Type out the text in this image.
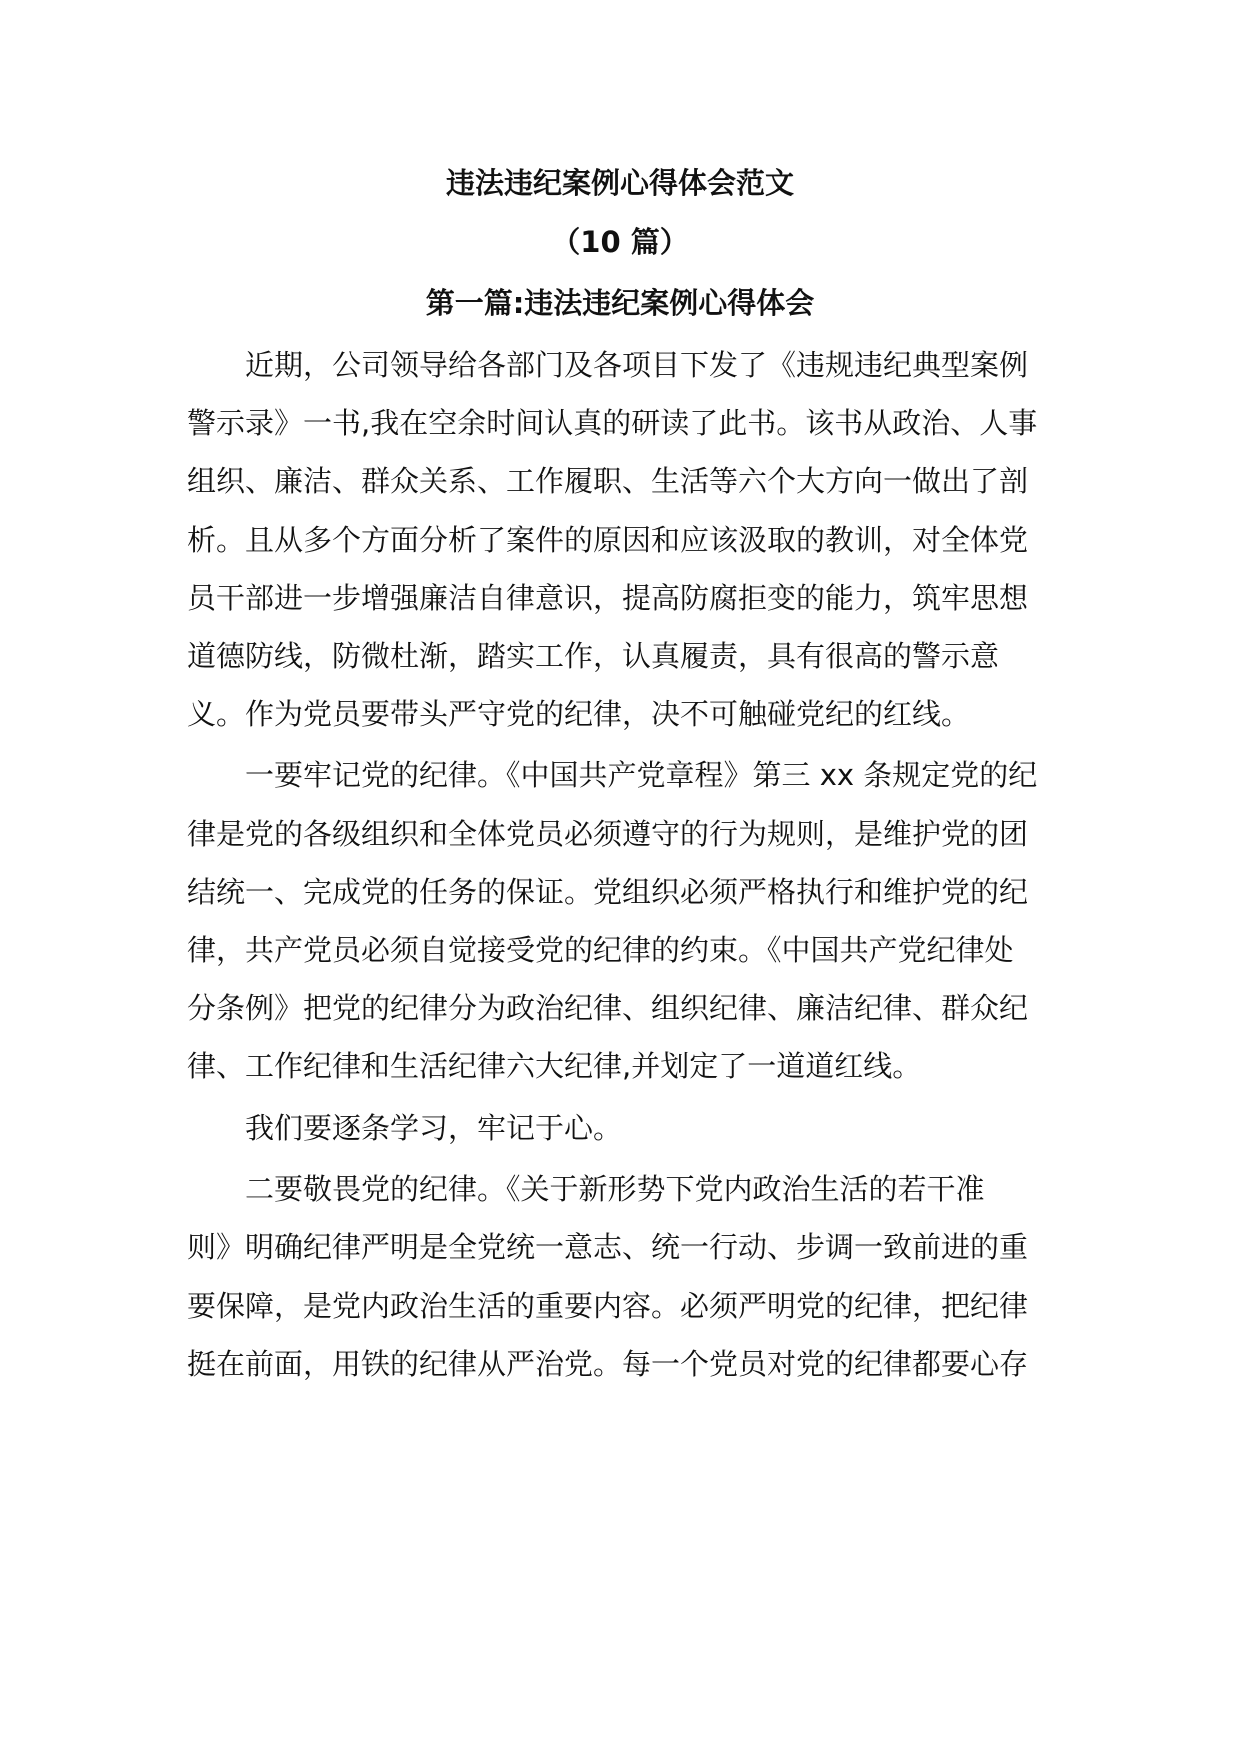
违法违纪案例心得体会范文
（10 篇）
第一篇:违法违纪案例心得体会
近期，公司领导给各部门及各项目下发了《违规违纪典型案例
警示录》一书,我在空余时间认真的研读了此书。该书从政治、人事
组织、廉洁、群众关系、工作履职、生活等六个大方向一做出了剖
析。且从多个方面分析了案件的原因和应该汲取的教训，对全体党
员干部进一步增强廉洁自律意识，提高防腐拒变的能力，筑牢思想
道德防线，防微杜渐，踏实工作，认真履责，具有很高的警示意
义。作为党员要带头严守党的纪律，决不可触碰党纪的红线。
一要牢记党的纪律。《中国共产党章程》第三 xx 条规定党的纪
律是党的各级组织和全体党员必须遵守的行为规则，是维护党的团
结统一、完成党的任务的保证。党组织必须严格执行和维护党的纪
律，共产党员必须自觉接受党的纪律的约束。《中国共产党纪律处
分条例》把党的纪律分为政治纪律、组织纪律、廉洁纪律、群众纪
律、工作纪律和生活纪律六大纪律,并划定了一道道红线。
我们要逐条学习，牢记于心。
二要敬畏党的纪律。《关于新形势下党内政治生活的若干准
则》明确纪律严明是全党统一意志、统一行动、步调一致前进的重
要保障，是党内政治生活的重要内容。必须严明党的纪律，把纪律
挺在前面，用铁的纪律从严治党。每一个党员对党的纪律都要心存
